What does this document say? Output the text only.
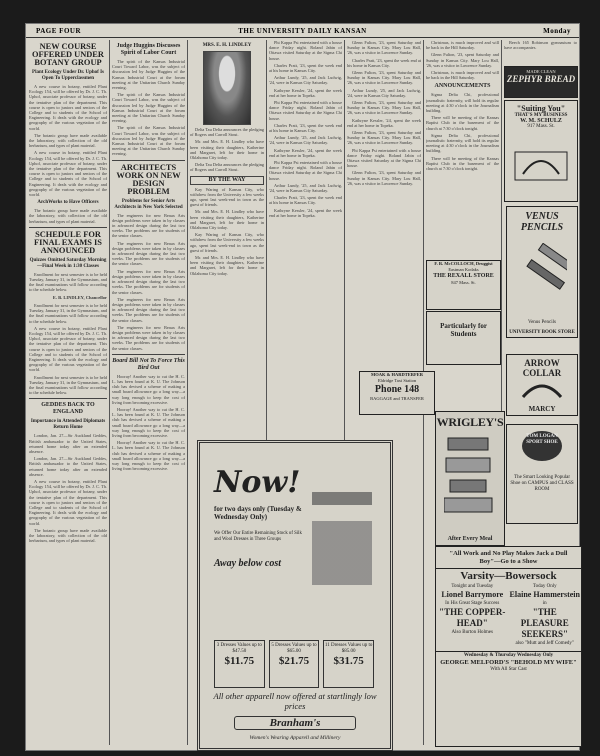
PAGE FOUR	THE UNIVERSITY DAILY KANSAN	Monday
NEW COURSE OFFERED UNDER BOTANY GROUP
Plant Ecology Under Dr. Uphof Is Open To Upperclassmen

A new course in botany, entitled Plant Ecology 154, will be offered by Dr. J. C. Th. Uphof, associate professor of botany, under the tentative plan of the department. This course is open to juniors and seniors of the College and to students of the School of Engineering. It deals with the ecology and geography of the various vegetation of the world.

The botanic group have made available the laboratory, with collection of the old herbarium, and types of plant material.

A new course in botany, entitled Plant Ecology 154, will be offered by Dr. J. C. Th. Uphof, associate professor of botany, under the tentative plan of the department. This course is open to juniors and seniors of the College and to students of the School of Engineering. It deals with the ecology and geography of the various vegetation of the world.

ArchWorks to Have Officers

The botanic group have made available the laboratory, with collection of the old herbarium, and types of plant material.

SCHEDULE FOR FINAL EXAMS IS ANNOUNCED
Quizzes Omitted Saturday Morning—Final Week in 1:30 Classes

Enrollment for next semester is to be held Tuesday, January 31, in the Gymnasium, and the final examinations will follow according to the schedule below.

E. B. LINDLEY, Chancellor

Enrollment for next semester is to be held Tuesday, January 31, in the Gymnasium, and the final examinations will follow according to the schedule below.

A new course in botany, entitled Plant Ecology 154, will be offered by Dr. J. C. Th. Uphof, associate professor of botany, under the tentative plan of the department. This course is open to juniors and seniors of the College and to students of the School of Engineering. It deals with the ecology and geography of the various vegetation of the world.

Enrollment for next semester is to be held Tuesday, January 31, in the Gymnasium, and the final examinations will follow according to the schedule below.

GEDDES BACK TO ENGLAND
Importance in Attended Diplomats Return Home

London, Jan. 27—Sir Auckland Geddes, British ambassador to the United States, returned home today after an extended absence.

London, Jan. 27—Sir Auckland Geddes, British ambassador to the United States, returned home today after an extended absence.

A new course in botany, entitled Plant Ecology 154, will be offered by Dr. J. C. Th. Uphof, associate professor of botany, under the tentative plan of the department. This course is open to juniors and seniors of the College and to students of the School of Engineering. It deals with the ecology and geography of the various vegetation of the world.

The botanic group have made available the laboratory, with collection of the old herbarium, and types of plant material.

Judge Huggins Discusses Spirit of Labor Court

The spirit of the Kansas Industrial Court Toward Labor, was the subject of discussion led by Judge Huggins of the Kansas Industrial Court at the forum meeting at the Unitarian Church Sunday evening.

The spirit of the Kansas Industrial Court Toward Labor, was the subject of discussion led by Judge Huggins of the Kansas Industrial Court at the forum meeting at the Unitarian Church Sunday evening.

The spirit of the Kansas Industrial Court Toward Labor, was the subject of discussion led by Judge Huggins of the Kansas Industrial Court at the forum meeting at the Unitarian Church Sunday evening.

ARCHITECTS WORK ON NEW DESIGN PROBLEM
Problems for Senior Arts Architects in New York Selected

The engineers for new Beaux Arts design problems were taken in by classes in advanced design during the last two weeks. The problems are for students of the senior classes.

The engineers for new Beaux Arts design problems were taken in by classes in advanced design during the last two weeks. The problems are for students of the senior classes.

The engineers for new Beaux Arts design problems were taken in by classes in advanced design during the last two weeks. The problems are for students of the senior classes.

The engineers for new Beaux Arts design problems were taken in by classes in advanced design during the last two weeks. The problems are for students of the senior classes.

The engineers for new Beaux Arts design problems were taken in by classes in advanced design during the last two weeks. The problems are for students of the senior classes.

Board Bill Not To Force This Bird Out

Hooray! Another way to cut the H. C. L. has been found at K. U. The Johnson club has devised a scheme of making a small board allowance go a long way—a way long enough to keep the cost of living from becoming excessive.

Hooray! Another way to cut the H. C. L. has been found at K. U. The Johnson club has devised a scheme of making a small board allowance go a long way—a way long enough to keep the cost of living from becoming excessive.

Hooray! Another way to cut the H. C. L. has been found at K. U. The Johnson club has devised a scheme of making a small board allowance go a long way—a way long enough to keep the cost of living from becoming excessive.

MRS. E. H. LINDLEY

Delta Tau Delta announces the pledging of Rogers and Carroll Stout.

Mr. and Mrs. E. H. Lindley who have been visiting their daughters, Katherine and Margaret, left for their home in Oklahoma City today.

Delta Tau Delta announces the pledging of Rogers and Carroll Stout.

BY THE WAY

Kay Waring of Kansas City, who withdrew from the University a few weeks ago, spent last week-end in town as the guest of friends.

Mr. and Mrs. E. H. Lindley who have been visiting their daughters, Katherine and Margaret, left for their home in Oklahoma City today.

Kay Waring of Kansas City, who withdrew from the University a few weeks ago, spent last week-end in town as the guest of friends.

Mr. and Mrs. E. H. Lindley who have been visiting their daughters, Katherine and Margaret, left for their home in Oklahoma City today.

Phi Kappa Psi entertained with a house dance Friday night. Roland Jabin of Ottawa visited Saturday at the Sigma Chi house.

Charles Pratt, '23, spent the week end at his home in Kansas City.

Arthur Lundy, '25, and Jack Ludwig, '24, were in Kansas City Saturday.

Kathryne Kessler, '24, spent the week end at her home in Topeka.

Phi Kappa Psi entertained with a house dance Friday night. Roland Jabin of Ottawa visited Saturday at the Sigma Chi house.

Charles Pratt, '23, spent the week end at his home in Kansas City.

Arthur Lundy, '25, and Jack Ludwig, '24, were in Kansas City Saturday.

Kathryne Kessler, '24, spent the week end at her home in Topeka.

Phi Kappa Psi entertained with a house dance Friday night. Roland Jabin of Ottawa visited Saturday at the Sigma Chi house.

Arthur Lundy, '25, and Jack Ludwig, '24, were in Kansas City Saturday.

Charles Pratt, '23, spent the week end at his home in Kansas City.

Kathryne Kessler, '24, spent the week end at her home in Topeka.

Glenn Fulton, '23, spent Saturday and Sunday in Kansas City. Mary Lou Hall, '26, was a visitor in Lawrence Sunday.

Charles Pratt, '23, spent the week end at his home in Kansas City.

Glenn Fulton, '23, spent Saturday and Sunday in Kansas City. Mary Lou Hall, '26, was a visitor in Lawrence Sunday.

Arthur Lundy, '25, and Jack Ludwig, '24, were in Kansas City Saturday.

Glenn Fulton, '23, spent Saturday and Sunday in Kansas City. Mary Lou Hall, '26, was a visitor in Lawrence Sunday.

Kathryne Kessler, '24, spent the week end at her home in Topeka.

Glenn Fulton, '23, spent Saturday and Sunday in Kansas City. Mary Lou Hall, '26, was a visitor in Lawrence Sunday.

Phi Kappa Psi entertained with a house dance Friday night. Roland Jabin of Ottawa visited Saturday at the Sigma Chi house.

Glenn Fulton, '23, spent Saturday and Sunday in Kansas City. Mary Lou Hall, '26, was a visitor in Lawrence Sunday.

MOAK & HARDTERFER
Eldridge Taxi Station
Phone 148
BAGGAGE and TRANSFER

Christmas, is much improved and will be back in the Hill Saturday.

Glenn Fulton, '23, spent Saturday and Sunday in Kansas City. Mary Lou Hall, '26, was a visitor in Lawrence Sunday.

Christmas, is much improved and will be back in the Hill Saturday.

ANNOUNCEMENTS

Sigma Delta Chi, professional journalistic fraternity, will hold its regular meeting at 4:30 o'clock in the Journalism building.

There will be meeting of the Kansas Baptist Club in the basement of the church at 7:30 o'clock tonight.

Sigma Delta Chi, professional journalistic fraternity, will hold its regular meeting at 4:30 o'clock in the Journalism building.

There will be meeting of the Kansas Baptist Club in the basement of the church at 7:30 o'clock tonight.

F. R. McCOLLOCH, Druggist
Eastman Kodaks
THE REXALL STORE
847 Mass. St.
Particularly for Students
WRIGLEY'S
After Every Meal

Beech 165 Robinson gymnasium to have accompanies.

MADE CLEAN
ZEPHYR BREAD
"Suiting You"
THAT'S MY BUSINESS
W. M. SCHULZ
917 Mass. St.
VENUS PENCILS
Venus Pencils
UNIVERSITY BOOK STORE
ARROW COLLAR
MARCY
TOM LOGAN SPORT SHOE
The Smart Looking Popular Shoe on CAMPUS and CLASS ROOM
Now!
for two days only (Tuesday & Wednesday Only)
We Offer Our Entire Remaining Stock of Silk and Wool Dresses in Three Groups
Away below cost
3 Dresses Values up to $47.50
$11.75
5 Dresses Values up to $65.00
$21.75
11 Dresses Values up to $85.00
$31.75
All other apparell now offered at startlingly low prices
Branham's
Women's Wearing Apparell and Millinery
"All Work and No Play Makes Jack a Dull Boy"—Go to a Show
Varsity—Bowersock
Tonight and Tuesday
Lionel Barrymore
In His Great Stage Success
"THE COPPER-HEAD"
Also Burton Holmes
Today Only
Elaine Hammerstein
in
"THE PLEASURE SEEKERS"
also "Mutt and Jeff Comedy"
Wednesday & Thursday Wednesday Only
GEORGE MELFORD'S "BEHOLD MY WIFE"
With All Star Cast
